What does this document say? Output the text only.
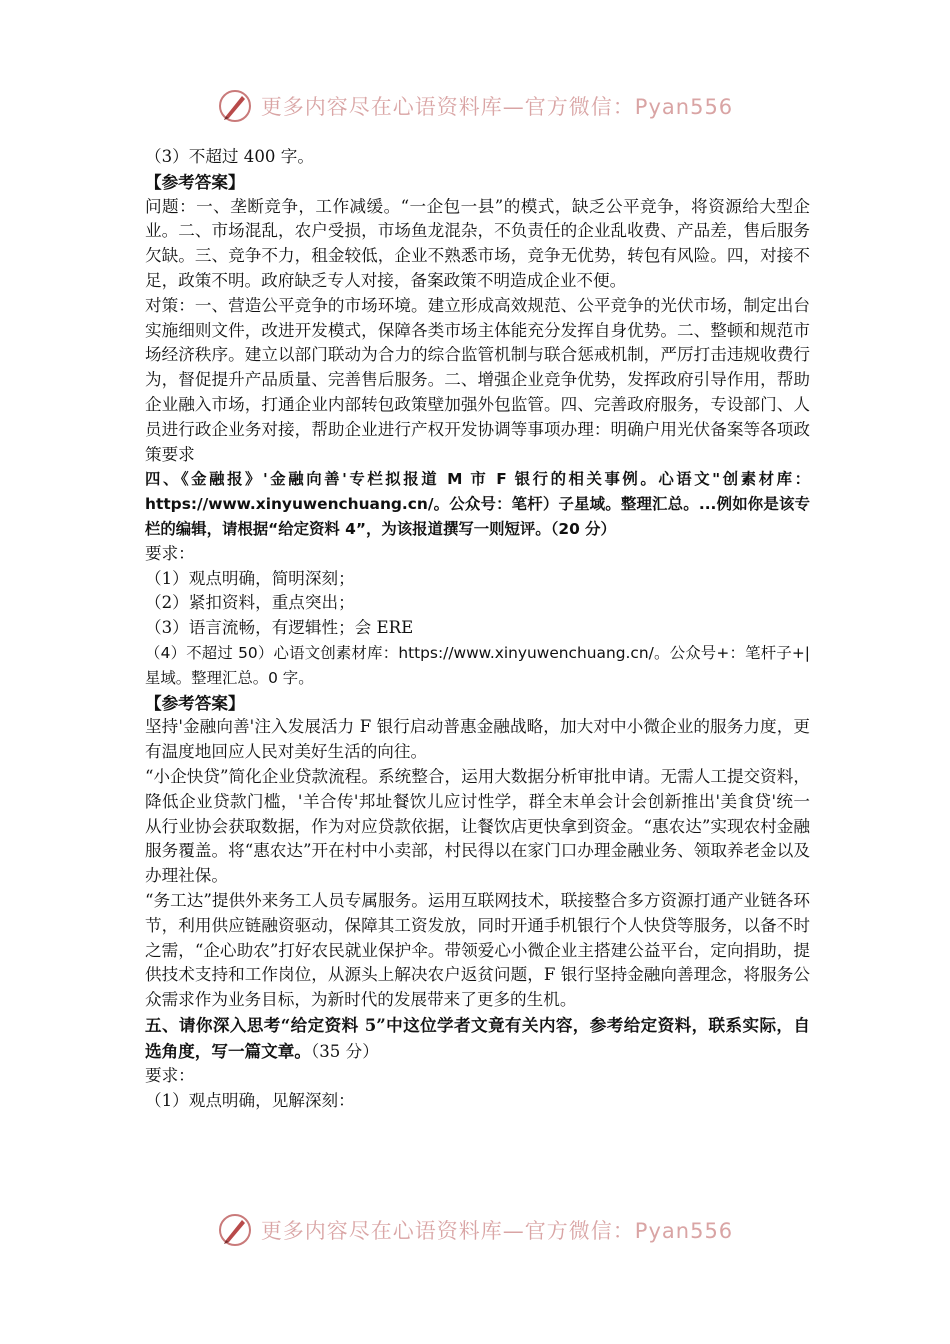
更多内容尽在心语资料库—官方微信：Pyan556

（3）不超过 400 字。

【参考答案】

问题：一、垄断竞争，工作减缓。“一企包一县”的模式，缺乏公平竞争，将资源给大型企业。二、市场混乱，农户受损，市场鱼龙混杂，不负责任的企业乱收费、产品差，售后服务欠缺。三、竞争不力，租金较低，企业不熟悉市场，竞争无优势，转包有风险。四，对接不足，政策不明。政府缺乏专人对接，备案政策不明造成企业不便。

对策：一、营造公平竞争的市场环境。建立形成高效规范、公平竞争的光伏市场，制定出台实施细则文件，改进开发模式，保障各类市场主体能充分发挥自身优势。二、整顿和规范市场经济秩序。建立以部门联动为合力的综合监管机制与联合惩戒机制，严厉打击违规收费行为，督促提升产品质量、完善售后服务。二、增强企业竞争优势，发挥政府引导作用，帮助企业融入市场，打通企业内部转包政策壁加强外包监管。四、完善政府服务，专设部门、人员进行政企业务对接，帮助企业进行产权开发协调等事项办理：明确户用光伏备案等各项政策要求

四、《金融报》'金融向善'专栏拟报道 M 市 F 银行的相关事例。心语文"创素材库：https://www.xinyuwenchuang.cn/。公众号：笔杆）子星域。整理汇总。...例如你是该专栏的编辑，请根据“给定资料 4”，为该报道撰写一则短评。（20 分）

要求：

（1）观点明确，简明深刻；

（2）紧扣资料，重点突出；

（3）语言流畅，有逻辑性；会 ERE

（4）不超过 50）心语文创素材库：https://www.xinyuwenchuang.cn/。公众号+：笔杆子+|星域。整理汇总。0 字。

【参考答案】

坚持'金融向善'注入发展活力 F 银行启动普惠金融战略，加大对中小微企业的服务力度，更有温度地回应人民对美好生活的向往。

“小企快贷”简化企业贷款流程。系统整合，运用大数据分析审批申请。无需人工提交资料，降低企业贷款门槛，'羊合传'邦址餐饮儿应讨性学，群全末单会计会创新推出'美食贷'统一从行业协会获取数据，作为对应贷款依据，让餐饮店更快拿到资金。“惠农达”实现农村金融服务覆盖。将“惠农达”开在村中小卖部，村民得以在家门口办理金融业务、领取养老金以及办理社保。

“务工达”提供外来务工人员专属服务。运用互联网技术，联接整合多方资源打通产业链各环节，利用供应链融资驱动，保障其工资发放，同时开通手机银行个人快贷等服务，以备不时之需，“企心助农”打好农民就业保护伞。带领爱心小微企业主搭建公益平台，定向捐助，提供技术支持和工作岗位，从源头上解决农户返贫问题，F 银行坚持金融向善理念，将服务公众需求作为业务目标，为新时代的发展带来了更多的生机。

五、请你深入思考“给定资料 5”中这位学者文竟有关内容，参考给定资料，联系实际，自选角度，写一篇文章。（35 分）

要求：

（1）观点明确，见解深刻：

更多内容尽在心语资料库—官方微信：Pyan556
